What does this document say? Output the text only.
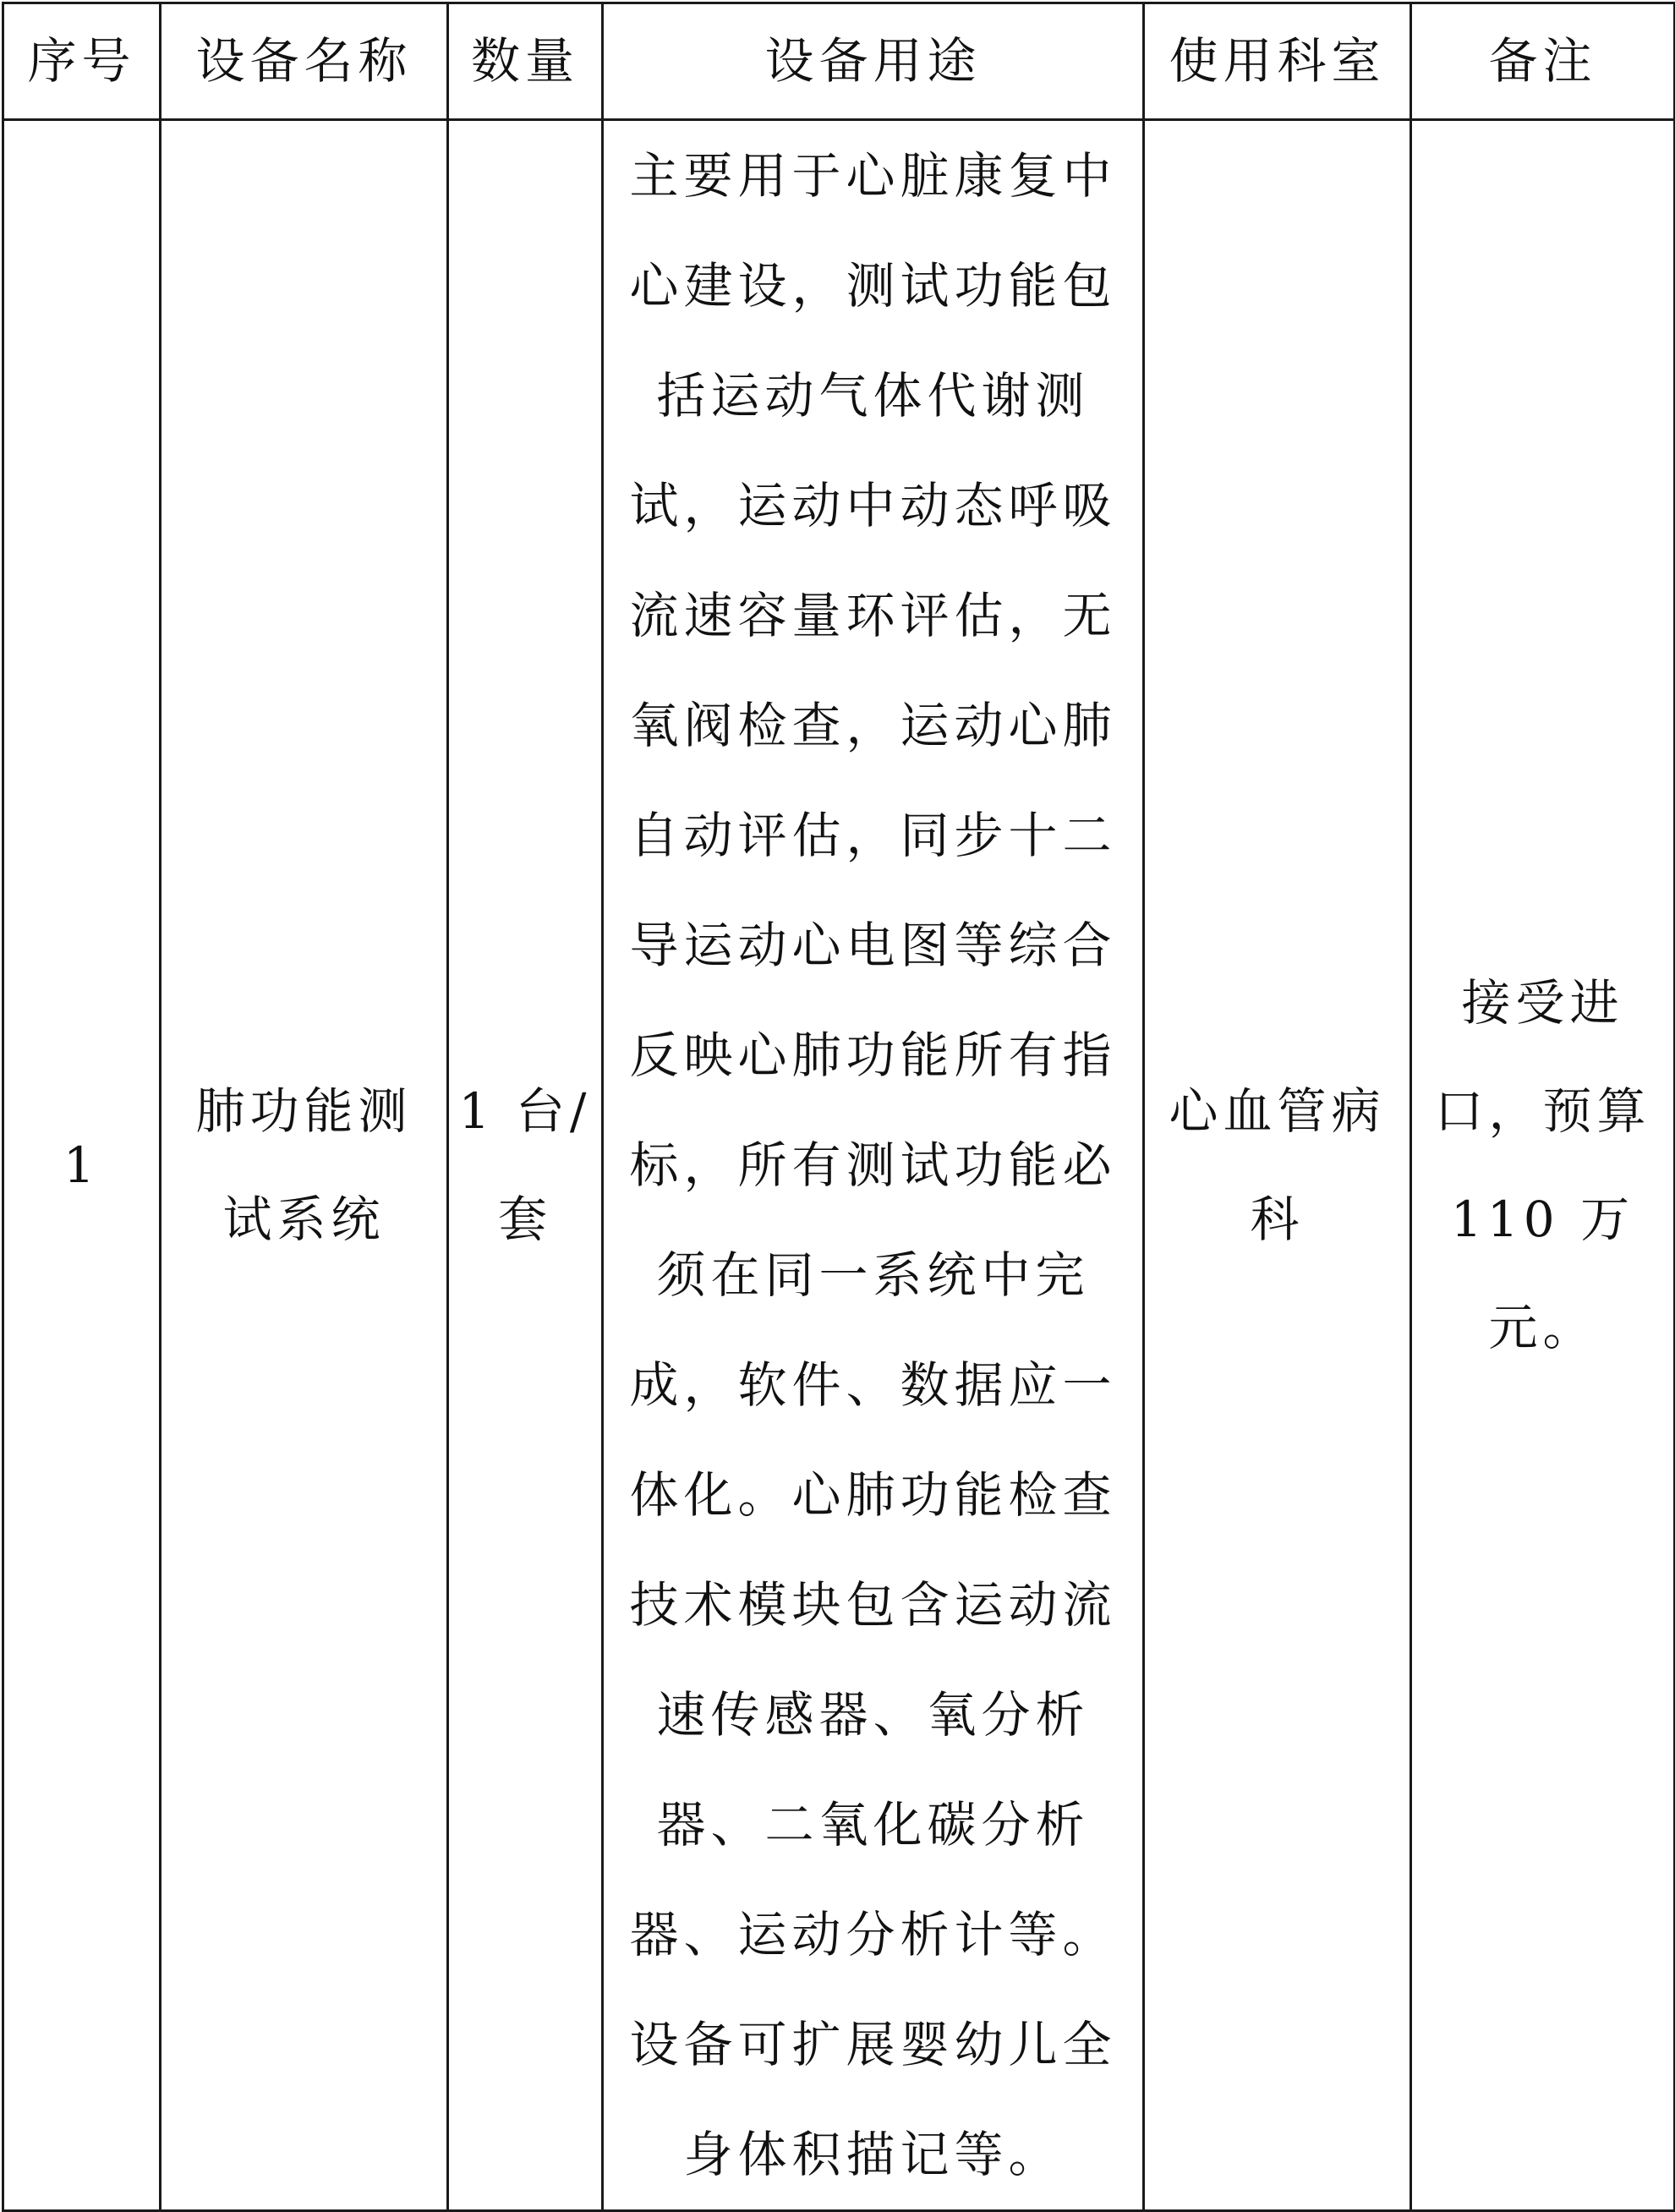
序号	设备名称	数量	设备用途	使用科室	备注

1	肺功能测试系统	1 台/套	主要用于心脏康复中心建设，测试功能包括运动气体代谢测试，运动中动态呼吸流速容量环评估，无氧阀检查，运动心肺自动评估，同步十二导运动心电图等综合反映心肺功能所有指标，所有测试功能必须在同一系统中完成，软件、数据应一体化。心肺功能检查技术模块包含运动流速传感器、氧分析器、二氧化碳分析器、运动分析计等。设备可扩展婴幼儿全身体积描记等。	心血管病科	接受进口，预算 110 万元。
